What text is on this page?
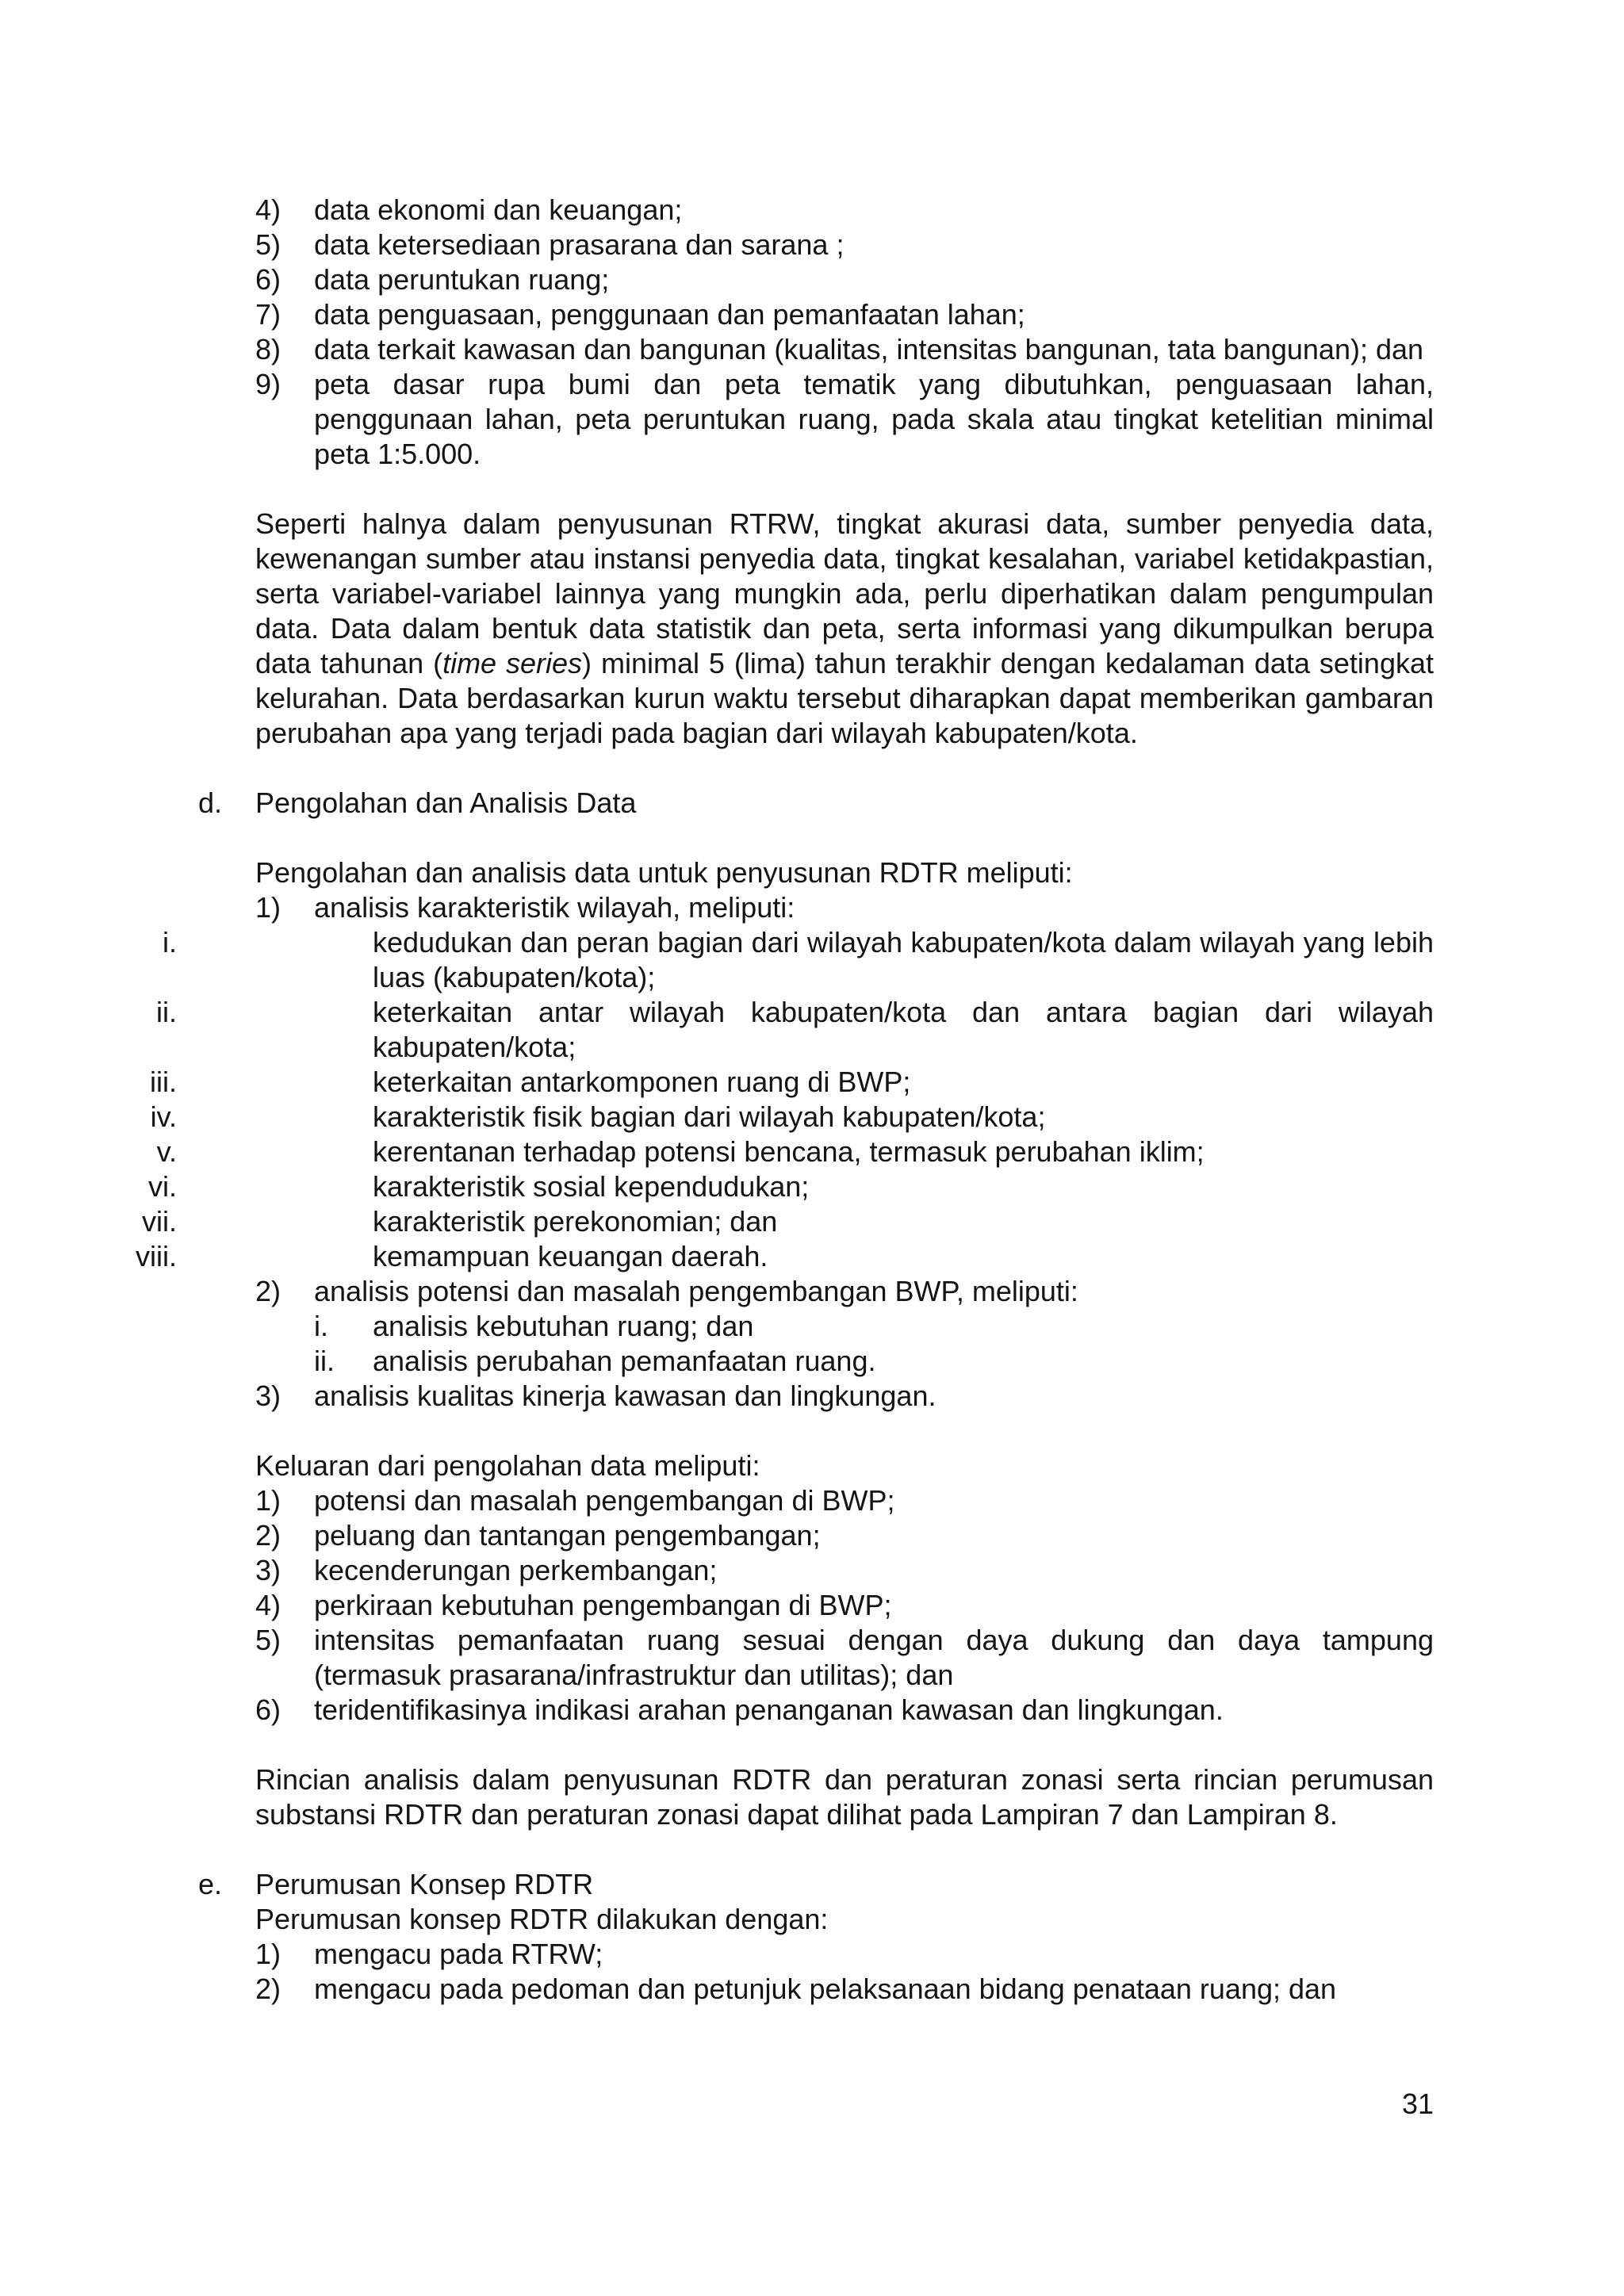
4) data ekonomi dan keuangan;
5) data ketersediaan prasarana dan sarana ;
6) data peruntukan ruang;
7) data penguasaan, penggunaan dan pemanfaatan lahan;
8) data terkait kawasan dan bangunan (kualitas, intensitas bangunan, tata bangunan); dan
9) peta dasar rupa bumi dan peta tematik yang dibutuhkan, penguasaan lahan, penggunaan lahan, peta peruntukan ruang, pada skala atau tingkat ketelitian minimal peta 1:5.000.
Seperti halnya dalam penyusunan RTRW, tingkat akurasi data, sumber penyedia data, kewenangan sumber atau instansi penyedia data, tingkat kesalahan, variabel ketidakpastian, serta variabel-variabel lainnya yang mungkin ada, perlu diperhatikan dalam pengumpulan data. Data dalam bentuk data statistik dan peta, serta informasi yang dikumpulkan berupa data tahunan (time series) minimal 5 (lima) tahun terakhir dengan kedalaman data setingkat kelurahan. Data berdasarkan kurun waktu tersebut diharapkan dapat memberikan gambaran perubahan apa yang terjadi pada bagian dari wilayah kabupaten/kota.
d. Pengolahan dan Analisis Data
Pengolahan dan analisis data untuk penyusunan RDTR meliputi:
1) analisis karakteristik wilayah, meliputi:
i.	kedudukan dan peran bagian dari wilayah kabupaten/kota dalam wilayah yang lebih luas (kabupaten/kota);
ii.	keterkaitan antar wilayah kabupaten/kota dan antara bagian dari wilayah kabupaten/kota;
iii.	keterkaitan antarkomponen ruang di BWP;
iv.	karakteristik fisik bagian dari wilayah kabupaten/kota;
v.	kerentanan terhadap potensi bencana, termasuk perubahan iklim;
vi.	karakteristik sosial kependudukan;
vii.	karakteristik perekonomian; dan
viii.	kemampuan keuangan daerah.
2) analisis potensi dan masalah pengembangan BWP, meliputi:
i. analisis kebutuhan ruang; dan
ii. analisis perubahan pemanfaatan ruang.
3) analisis kualitas kinerja kawasan dan lingkungan.
Keluaran dari pengolahan data meliputi:
1) potensi dan masalah pengembangan di BWP;
2) peluang dan tantangan pengembangan;
3) kecenderungan perkembangan;
4) perkiraan kebutuhan pengembangan di BWP;
5) intensitas pemanfaatan ruang sesuai dengan daya dukung dan daya tampung (termasuk prasarana/infrastruktur dan utilitas); dan
6) teridentifikasinya indikasi arahan penanganan kawasan dan lingkungan.
Rincian analisis dalam penyusunan RDTR dan peraturan zonasi serta rincian perumusan substansi RDTR dan peraturan zonasi dapat dilihat pada Lampiran 7 dan Lampiran 8.
e. Perumusan Konsep RDTR
Perumusan konsep RDTR dilakukan dengan:
1) mengacu pada RTRW;
2) mengacu pada pedoman dan petunjuk pelaksanaan bidang penataan ruang; dan
31
